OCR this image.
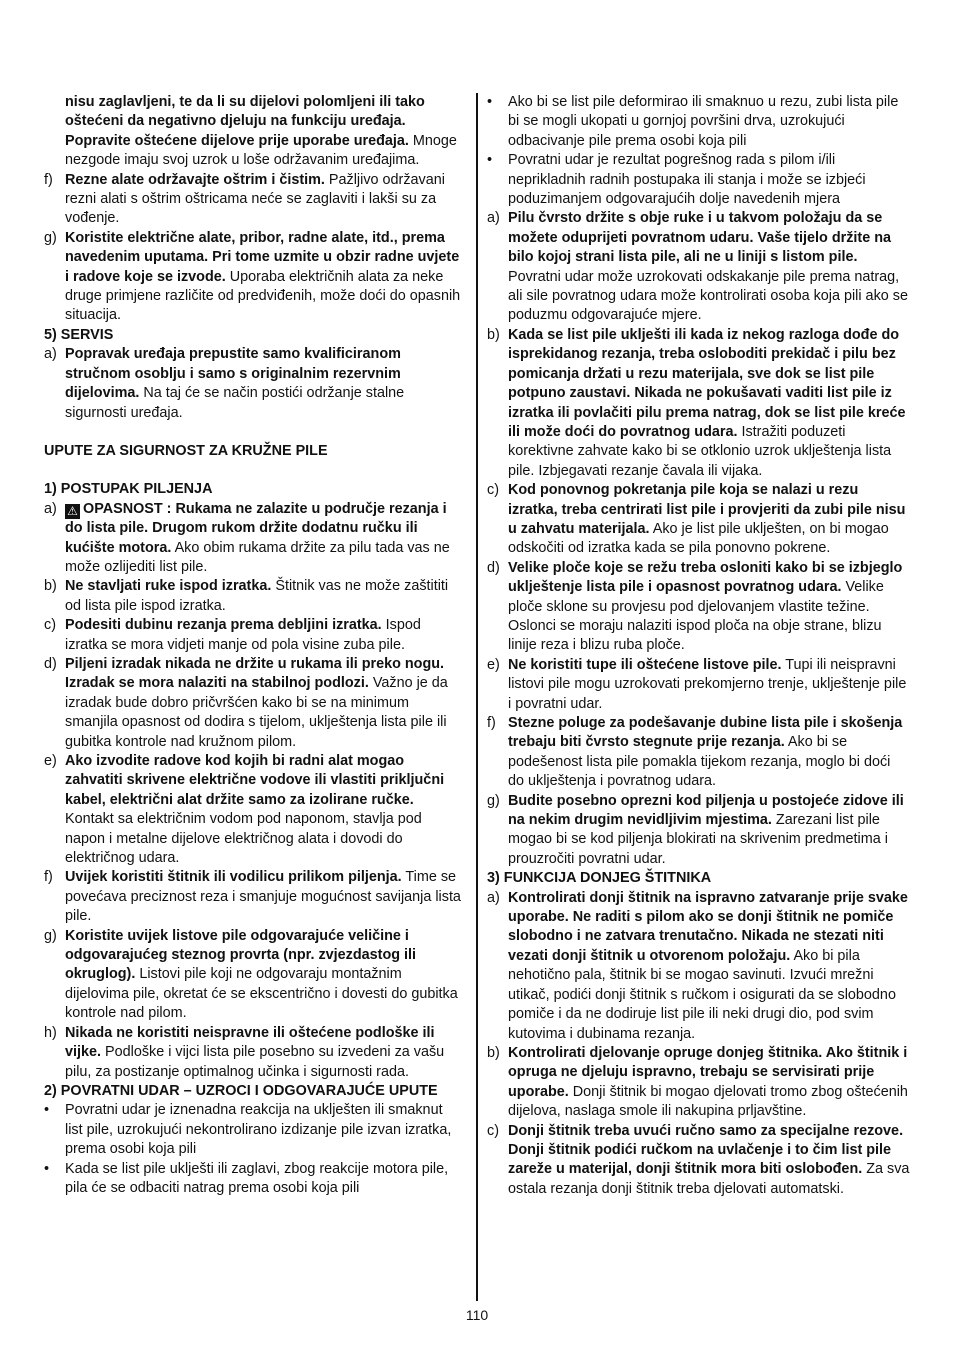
nisu zaglavljeni, te da li su dijelovi polomljeni ili tako oštećeni da negativno djeluju na funkciju uređaja. Popravite oštećene dijelove prije uporabe uređaja. Mnoge nezgode imaju svoj uzrok u loše održavanim uređajima.
f) Rezne alate održavajte oštrim i čistim. Pažljivo održavani rezni alati s oštrim oštricama neće se zaglaviti i lakši su za vođenje.
g) Koristite električne alate, pribor, radne alate, itd., prema navedenim uputama. Pri tome uzmite u obzir radne uvjete i radove koje se izvode. Uporaba električnih alata za neke druge primjene različite od predviđenih, može doći do opasnih situacija.
5) SERVIS
a) Popravak uređaja prepustite samo kvalificiranom stručnom osoblju i samo s originalnim rezervnim dijelovima. Na taj će se način postići održanje stalne sigurnosti uređaja.
UPUTE ZA SIGURNOST ZA KRUŽNE PILE
1) POSTUPAK PILJENJA
a) ⚠ OPASNOST : Rukama ne zalazite u područje rezanja i do lista pile. Drugom rukom držite dodatnu ručku ili kućište motora. Ako obim rukama držite za pilu tada vas ne može ozlijediti list pile.
b) Ne stavljati ruke ispod izratka. Štitnik vas ne može zaštititi od lista pile ispod izratka.
c) Podesiti dubinu rezanja prema debljini izratka. Ispod izratka se mora vidjeti manje od pola visine zuba pile.
d) Piljeni izradak nikada ne držite u rukama ili preko nogu. Izradak se mora nalaziti na stabilnoj podlozi. Važno je da izradak bude dobro pričvršćen kako bi se na minimum smanjila opasnost od dodira s tijelom, uklještenja lista pile ili gubitka kontrole nad kružnom pilom.
e) Ako izvodite radove kod kojih bi radni alat mogao zahvatiti skrivene električne vodove ili vlastiti priključni kabel, električni alat držite samo za izolirane ručke. Kontakt sa električnim vodom pod naponom, stavlja pod napon i metalne dijelove električnog alata i dovodi do električnog udara.
f) Uvijek koristiti štitnik ili vodilicu prilikom piljenja. Time se povećava preciznost reza i smanjuje mogućnost savijanja lista pile.
g) Koristite uvijek listove pile odgovarajuće veličine i odgovarajućeg steznog provrta (npr. zvjezdastog ili okruglog). Listovi pile koji ne odgovaraju montažnim dijelovima pile, okretat će se ekscentrično i dovesti do gubitka kontrole nad pilom.
h) Nikada ne koristiti neispravne ili oštećene podloške ili vijke. Podloške i vijci lista pile posebno su izvedeni za vašu pilu, za postizanje optimalnog učinka i sigurnosti rada.
2) POVRATNI UDAR – UZROCI I ODGOVARAJUĆE UPUTE
•	Povratni udar je iznenadna reakcija na uklješten ili smaknut list pile, uzrokujući nekontrolirano izdizanje pile izvan izratka, prema osobi koja pili
•	Kada se list pile uklješti ili zaglavi, zbog reakcije motora pile, pila će se odbaciti natrag prema osobi koja pili
•	Ako bi se list pile deformirao ili smaknuo u rezu, zubi lista pile bi se mogli ukopati u gornjoj površini drva, uzrokujući odbacivanje pile prema osobi koja pili
•	Povratni udar je rezultat pogrešnog rada s pilom i/ili neprikladnih radnih postupaka ili stanja i može se izbjeći poduzimanjem odgovarajućih dolje navedenih mjera
a) Pilu čvrsto držite s obje ruke i u takvom položaju da se možete oduprijeti povratnom udaru. Vaše tijelo držite na bilo kojoj strani lista pile, ali ne u liniji s listom pile. Povratni udar može uzrokovati odskakanje pile prema natrag, ali sile povratnog udara može kontrolirati osoba koja pili ako se poduzmu odgovarajuće mjere.
b) Kada se list pile uklješti ili kada iz nekog razloga dođe do isprekidanog rezanja, treba osloboditi prekidač i pilu bez pomicanja držati u rezu materijala, sve dok se list pile potpuno zaustavi. Nikada ne pokušavati vaditi list pile iz izratka ili povlačiti pilu prema natrag, dok se list pile kreće ili može doći do povratnog udara. Istražiti poduzeti korektivne zahvate kako bi se otklonio uzrok uklještenja lista pile. Izbjegavati rezanje čavala ili vijaka.
c) Kod ponovnog pokretanja pile koja se nalazi u rezu izratka, treba centrirati list pile i provjeriti da zubi pile nisu u zahvatu materijala. Ako je list pile uklješten, on bi mogao odskočiti od izratka kada se pila ponovno pokrene.
d) Velike ploče koje se režu treba osloniti kako bi se izbjeglo uklještenje lista pile i opasnost povratnog udara. Velike ploče sklone su provjesu pod djelovanjem vlastite težine. Oslonci se moraju nalaziti ispod ploča na obje strane, blizu linije reza i blizu ruba ploče.
e) Ne koristiti tupe ili oštećene listove pile. Tupi ili neispravni listovi pile mogu uzrokovati prekomjerno trenje, uklještenje pile i povratni udar.
f) Stezne poluge za podešavanje dubine lista pile i skošenja trebaju biti čvrsto stegnute prije rezanja. Ako bi se podešenost lista pile pomakla tijekom rezanja, moglo bi doći do uklještenja i povratnog udara.
g) Budite posebno oprezni kod piljenja u postojeće zidove ili na nekim drugim nevidljivim mjestima. Zarezani list pile mogao bi se kod piljenja blokirati na skrivenim predmetima i prouzročiti povratni udar.
3) FUNKCIJA DONJEG ŠTITNIKA
a) Kontrolirati donji štitnik na ispravno zatvaranje prije svake uporabe. Ne raditi s pilom ako se donji štitnik ne pomiče slobodno i ne zatvara trenutačno. Nikada ne stezati niti vezati donji štitnik u otvorenom položaju. Ako bi pila nehotično pala, štitnik bi se mogao savinuti. Izvući mrežni utikač, podići donji štitnik s ručkom i osigurati da se slobodno pomiče i da ne dodiruje list pile ili neki drugi dio, pod svim kutovima i dubinama rezanja.
b) Kontrolirati djelovanje opruge donjeg štitnika. Ako štitnik i opruga ne djeluju ispravno, trebaju se servisirati prije uporabe. Donji štitnik bi mogao djelovati tromo zbog oštećenih dijelova, naslaga smole ili nakupina prljavštine.
c) Donji štitnik treba uvući ručno samo za specijalne rezove. Donji štitnik podići ručkom na uvlačenje i to čim list pile zareže u materijal, donji štitnik mora biti oslobođen. Za sva ostala rezanja donji štitnik treba djelovati automatski.
110
